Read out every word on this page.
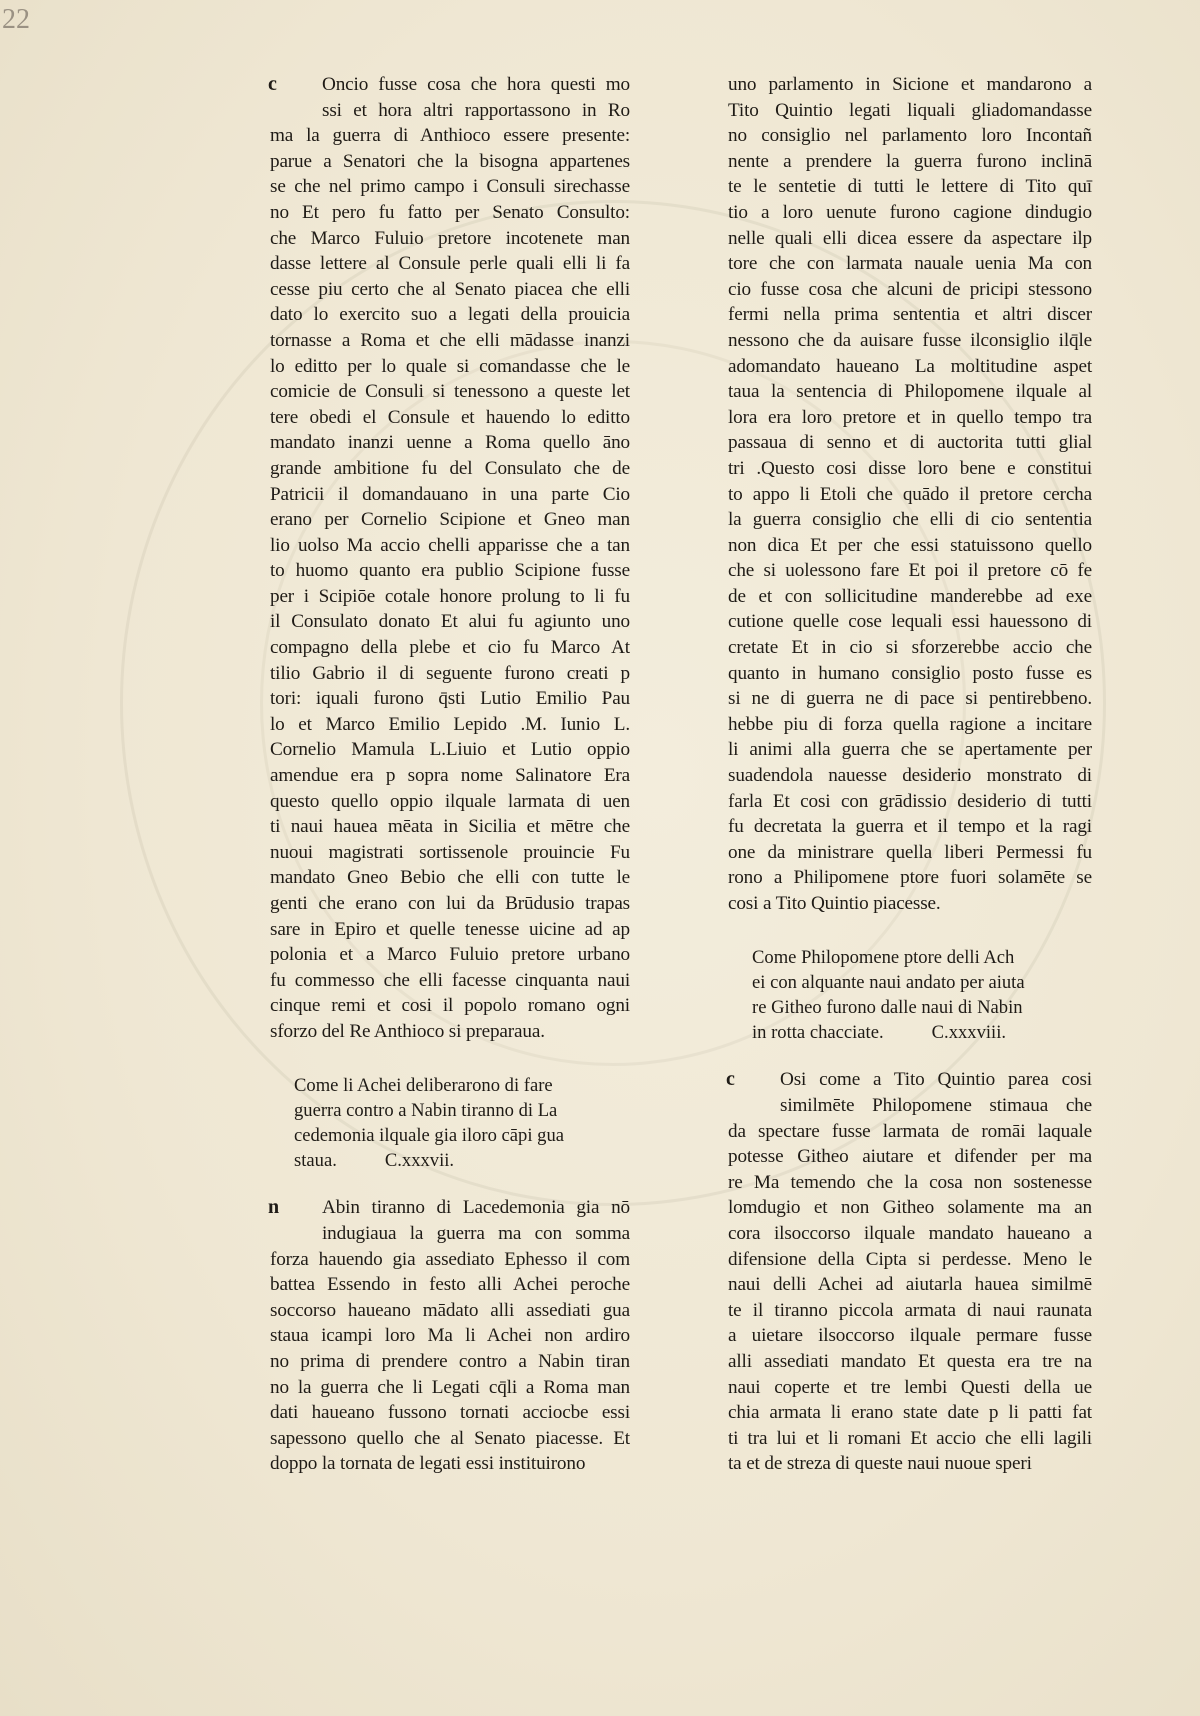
22
c	Oncio fusse cosa che hora questi mo
ssi et hora altri rapportassono in Ro
ma la guerra di Anthioco essere presente:
parue a Senatori che la bisogna appartenes
se che nel primo campo i Consuli sirechasse
no Et pero fu fatto per Senato Consulto:
che Marco Fuluio pretore incotenete man
dasse lettere al Consule perle quali elli li fa
cesse piu certo che al Senato piacea che elli
dato lo exercito suo a legati della prouicia
tornasse a Roma et che elli mādasse inanzi
lo editto per lo quale si comandasse che le
comicie de Consuli si tenessono a queste let
tere obedi el Consule et hauendo lo editto
mandato inanzi uenne a Roma quello āno
grande ambitione fu del Consulato che de
Patricii il domandauano in una parte Cio
erano per Cornelio Scipione et Gneo man
lio uolso Ma accio chelli apparisse che a tan
to huomo quanto era publio Scipione fusse
per i Scipiōe cotale honore prolung to li fu
il Consulato donato Et alui fu agiunto uno
compagno della plebe et cio fu Marco At
tilio Gabrio il di seguente furono creati p
tori: iquali furono q̄sti Lutio Emilio Pau
lo et Marco Emilio Lepido .M. Iunio L.
Cornelio Mamula L.Liuio et Lutio oppio
amendue era p sopra nome Salinatore Era
questo quello oppio ilquale larmata di uen
ti naui hauea mēata in Sicilia et mētre che
nuoui magistrati sortissenole prouincie Fu
mandato Gneo Bebio che elli con tutte le
genti che erano con lui da Brūdusio trapas
sare in Epiro et quelle tenesse uicine ad ap
polonia et a Marco Fuluio pretore urbano
fu commesso che elli facesse cinquanta naui
cinque remi et cosi il popolo romano ogni
sforzo del Re Anthioco si preparaua.
Come li Achei deliberarono di fare
guerra contro a Nabin tiranno di La
cedemonia ilquale gia iloro cāpi gua
staua.	C.xxxvii.
n	Abin tiranno di Lacedemonia gia nō
indugiaua la guerra ma con somma
forza hauendo gia assediato Ephesso il com
battea Essendo in festo alli Achei peroche
soccorso haueano mādato alli assediati gua
staua icampi loro Ma li Achei non ardiro
no prima di prendere contro a Nabin tiran
no la guerra che li Legati cq̄li a Roma man
dati haueano fussono tornati acciocbe essi
sapessono quello che al Senato piacesse. Et
doppo la tornata de legati essi instituirono
uno parlamento in Sicione et mandarono a
Tito Quintio legati liquali gliadomandasse
no consiglio nel parlamento loro Incontañ
nente a prendere la guerra furono inclinā
te le sentetie di tutti le lettere di Tito quī
tio a loro uenute furono cagione dindugio
nelle quali elli dicea essere da aspectare ilp
tore che con larmata nauale uenia Ma con
cio fusse cosa che alcuni de pricipi stessono
fermi nella prima sententia et altri discer
nessono che da auisare fusse ilconsiglio ilq̄le
adomandato haueano La moltitudine aspet
taua la sentencia di Philopomene ilquale al
lora era loro pretore et in quello tempo tra
passaua di senno et di auctorita tutti glial
tri .Questo cosi disse loro bene e constitui
to appo li Etoli che quādo il pretore cercha
la guerra consiglio che elli di cio sententia
non dica Et per che essi statuissono quello
che si uolessono fare Et poi il pretore cō fe
de et con sollicitudine manderebbe ad exe
cutione quelle cose lequali essi hauessono di
cretate Et in cio si sforzerebbe accio che
quanto in humano consiglio posto fusse es
si ne di guerra ne di pace si pentirebbeno.
hebbe piu di forza quella ragione a incitare
li animi alla guerra che se apertamente per
suadendola nauesse desiderio monstrato di
farla Et cosi con grādissio desiderio di tutti
fu decretata la guerra et il tempo et la ragi
one da ministrare quella liberi Permessi fu
rono a Philipomene ptore fuori solamēte se
cosi a Tito Quintio piacesse.
Come Philopomene ptore delli Ach
ei con alquante naui andato per aiuta
re Githeo furono dalle naui di Nabin
in rotta chacciate.	C.xxxviii.
c	Osi come a Tito Quintio parea cosi
similmēte Philopomene stimaua che
da spectare fusse larmata de romāi laquale
potesse Githeo aiutare et difender per ma
re Ma temendo che la cosa non sostenesse
lomdugio et non Githeo solamente ma an
cora ilsoccorso ilquale mandato haueano a
difensione della Cipta si perdesse. Meno le
naui delli Achei ad aiutarla hauea similmē
te il tiranno piccola armata di naui raunata
a uietare ilsoccorso ilquale permare fusse
alli assediati mandato Et questa era tre na
naui coperte et tre lembi Questi della ue
chia armata li erano state date p li patti fat
ti tra lui et li romani Et accio che elli lagili
ta et de streza di queste naui nuoue speri
